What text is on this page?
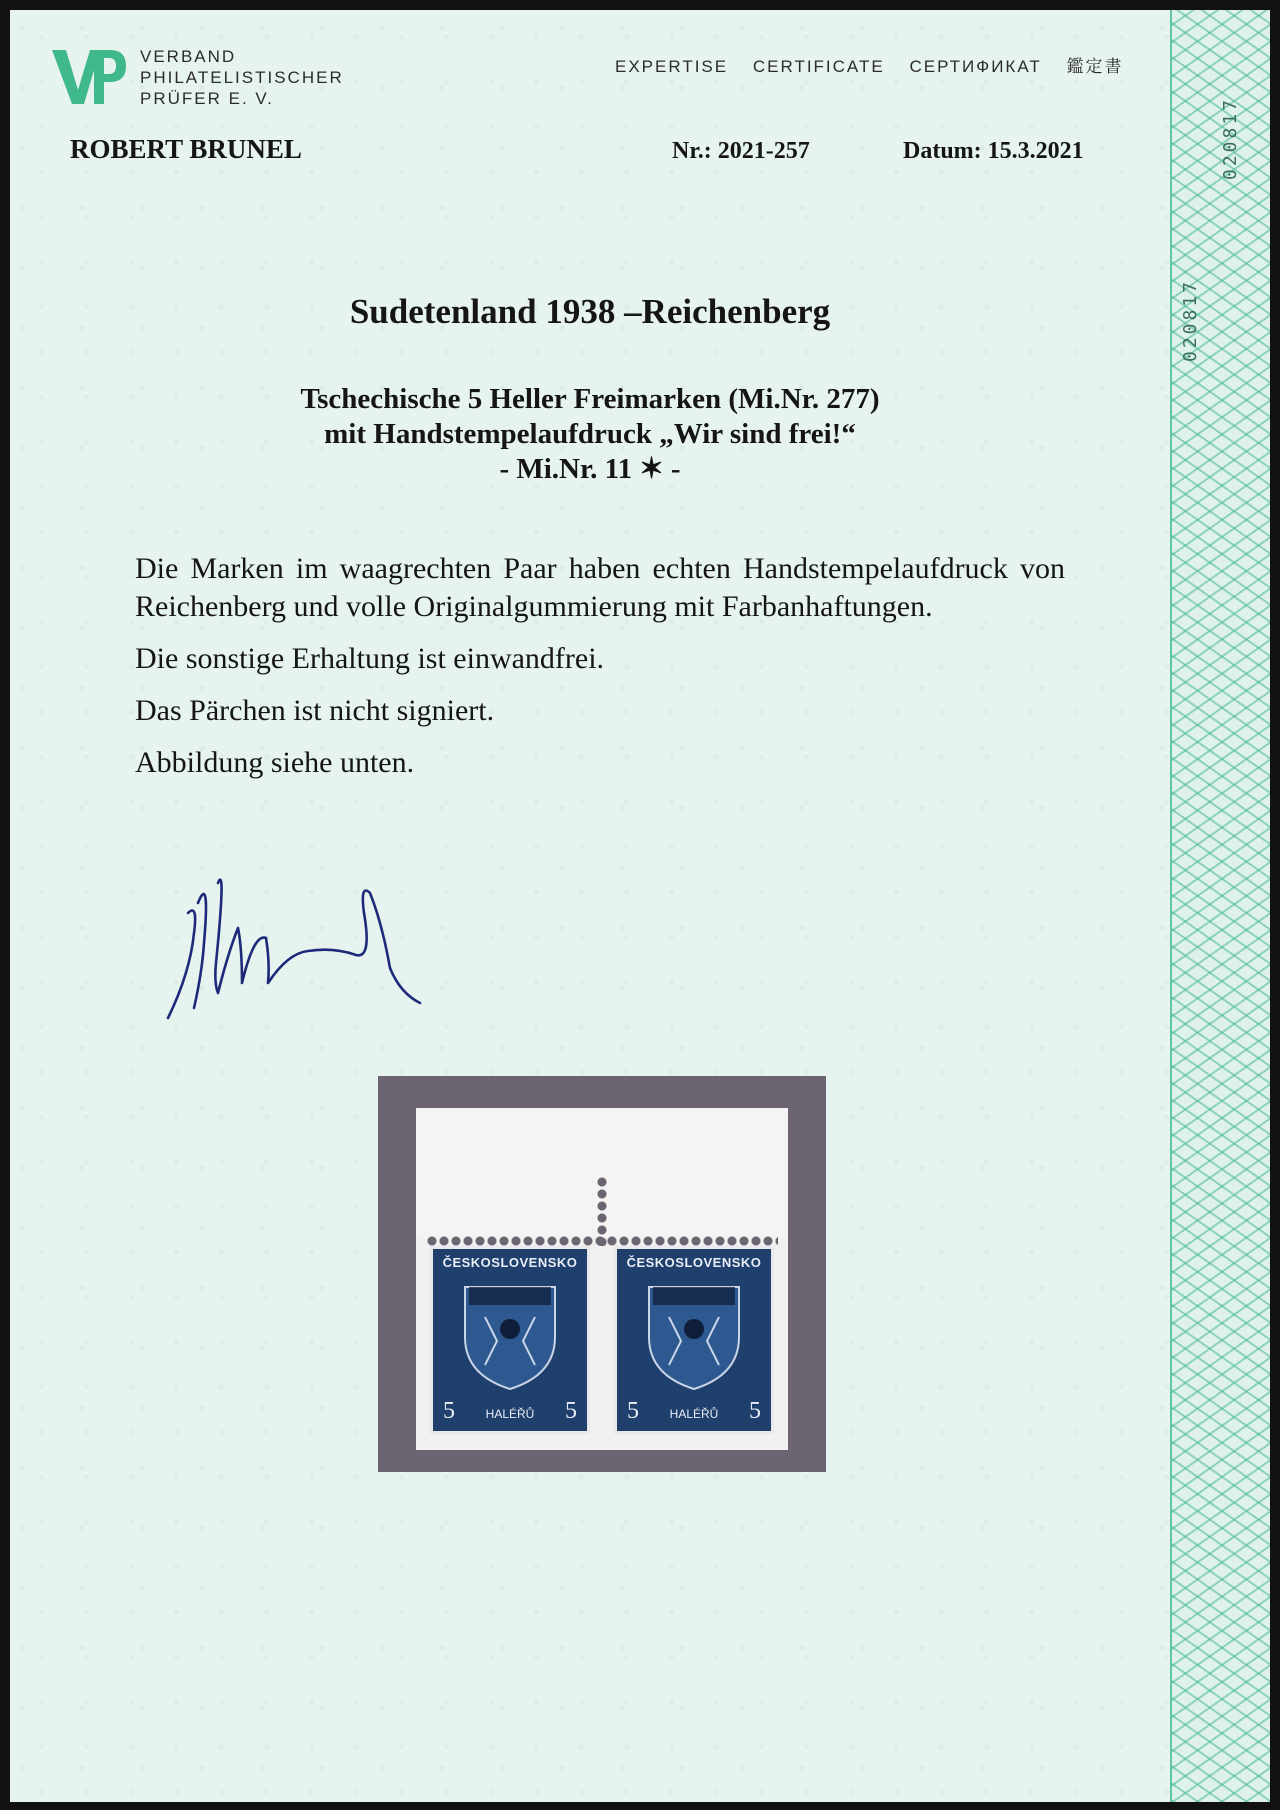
VERBAND
PHILATELISTISCHER
PRÜFER E. V.
EXPERTISE CERTIFICATE СЕРТИФИКАТ 鑑定書
ROBERT BRUNEL	Nr.: 2021-257	Datum: 15.3.2021
Sudetenland 1938 –Reichenberg
Tschechische 5 Heller Freimarken (Mi.Nr. 277)
mit Handstempelaufdruck „Wir sind frei!“
- Mi.Nr. 11 ✶ -

Die Marken im waagrechten Paar haben echten Handstempelaufdruck von Reichenberg und volle Originalgummierung mit Farbanhaftungen.

Die sonstige Erhaltung ist einwandfrei.

Das Pärchen ist nicht signiert.

Abbildung siehe unten.

ČESKOSLOVENSKO
5	HALÉŘŮ	5
ČESKOSLOVENSKO
5	HALÉŘŮ	5
020817
020817
